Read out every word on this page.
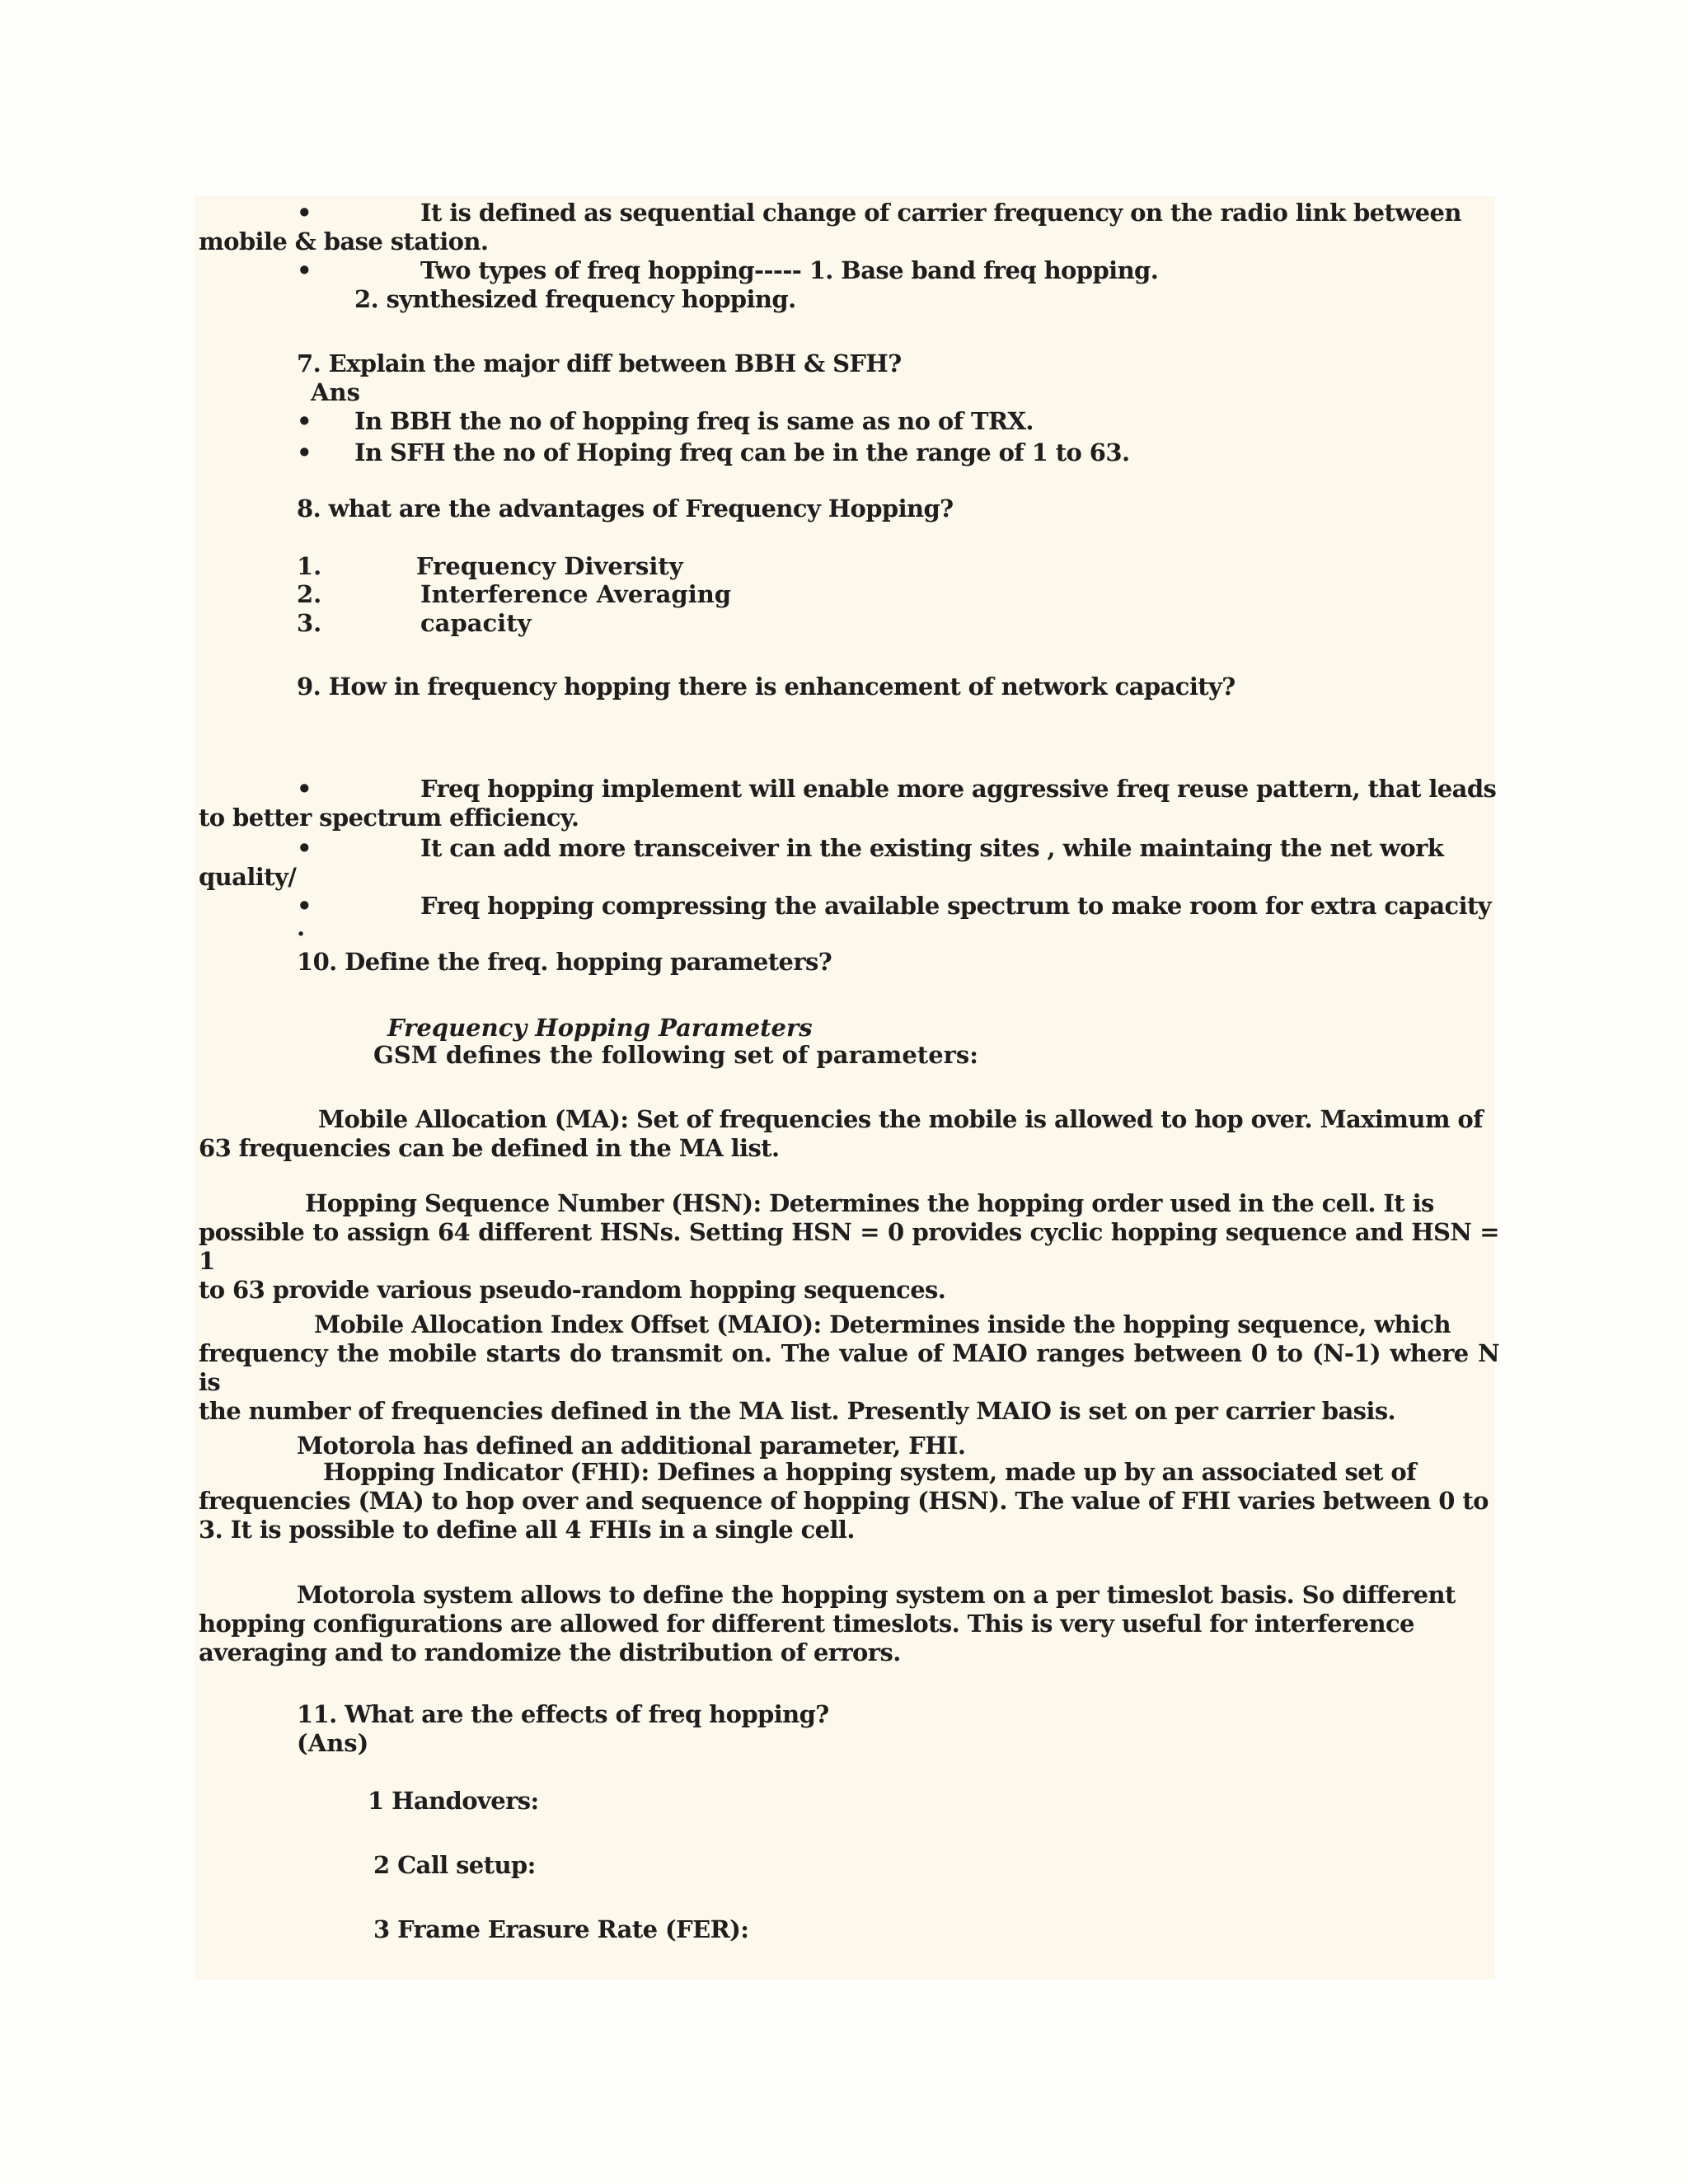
•	It is defined as sequential change of carrier frequency on the radio link between
mobile & base station.
•	Two types of freq hopping----- 1. Base band freq hopping.
2. synthesized frequency hopping.
7. Explain the major diff between BBH & SFH?
Ans
• In BBH the no of hopping freq is same as no of TRX.
• In SFH the no of Hoping freq can be in the range of 1 to 63.
8. what are the advantages of Frequency Hopping?
1.	Frequency Diversity
2.	Interference Averaging
3.	capacity
9. How in frequency hopping there is enhancement of network capacity?
•	Freq hopping implement will enable more aggressive freq reuse pattern, that leads
to better spectrum efficiency.
•	It can add more transceiver in the existing sites , while maintaing the net work
quality/
•	Freq hopping compressing the available spectrum to make room for extra capacity
.
10. Define the freq. hopping parameters?
Frequency Hopping Parameters
GSM defines the following set of parameters:
Mobile Allocation (MA): Set of frequencies the mobile is allowed to hop over. Maximum of
63 frequencies can be defined in the MA list.
Hopping Sequence Number (HSN): Determines the hopping order used in the cell. It is
possible to assign 64 different HSNs. Setting HSN = 0 provides cyclic hopping sequence and HSN = 1
to 63 provide various pseudo-random hopping sequences.
Mobile Allocation Index Offset (MAIO): Determines inside the hopping sequence, which
frequency the mobile starts do transmit on. The value of MAIO ranges between 0 to (N-1) where N is
the number of frequencies defined in the MA list. Presently MAIO is set on per carrier basis.
Motorola has defined an additional parameter, FHI.
Hopping Indicator (FHI): Defines a hopping system, made up by an associated set of
frequencies (MA) to hop over and sequence of hopping (HSN). The value of FHI varies between 0 to
3. It is possible to define all 4 FHIs in a single cell.
Motorola system allows to define the hopping system on a per timeslot basis. So different
hopping configurations are allowed for different timeslots. This is very useful for interference
averaging and to randomize the distribution of errors.
11. What are the effects of freq hopping?
(Ans)
1 Handovers:
2 Call setup:
3 Frame Erasure Rate (FER):
